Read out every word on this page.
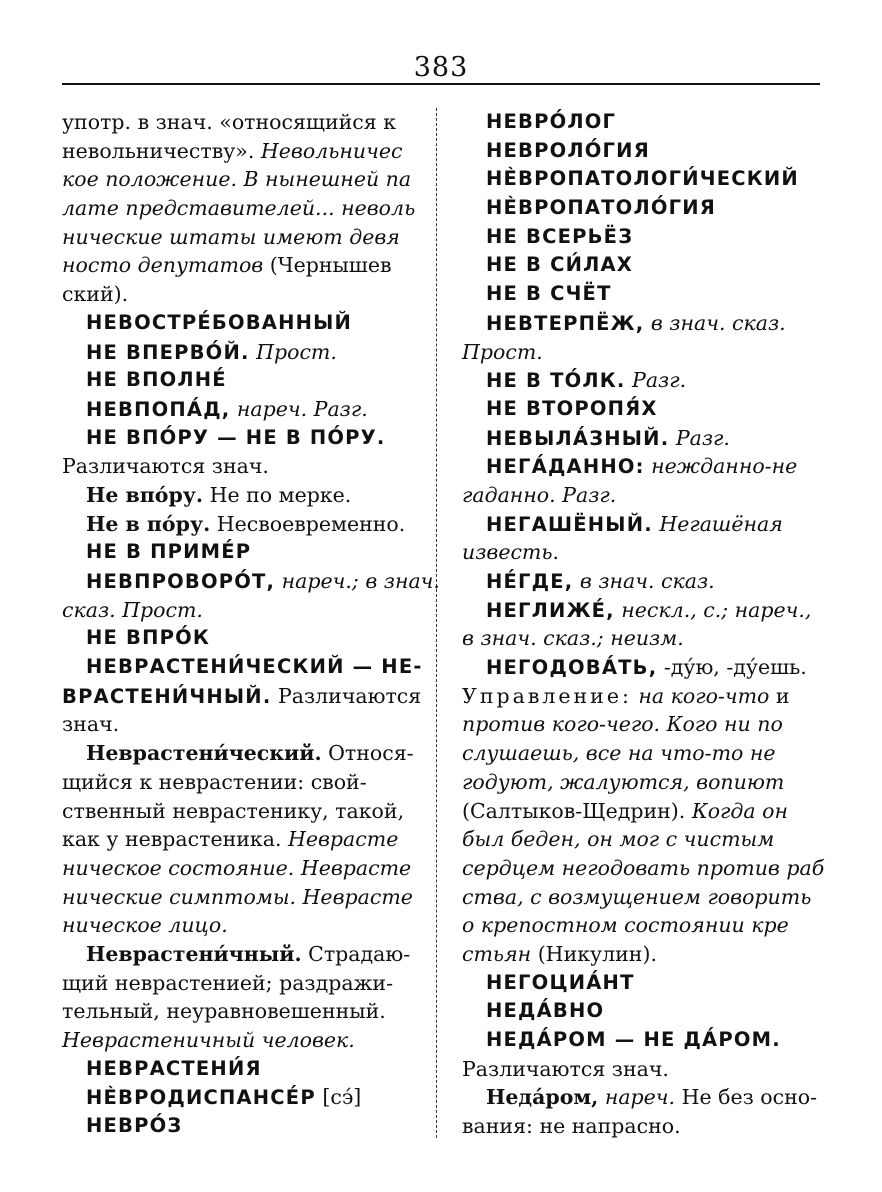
383
употр. в знач. «относящийся к
невольничеству». Невольничес
кое положение. В нынешней па
лате представителей... неволь
нические штаты имеют девя
носто депутатов (Чернышев
ский).
НЕВОСТРЕ́БОВАННЫЙ
НЕ ВПЕРВО́Й. Прост.
НЕ ВПОЛНЕ́
НЕВПОПА́Д, нареч. Разг.
НЕ ВПО́РУ — НЕ В ПО́РУ.
Различаются знач.
Не впо́ру. Не по мерке.
Не в по́ру. Несвоевременно.
НЕ В ПРИМЕ́Р
НЕВПРОВОРО́Т, нареч.; в знач.
сказ. Прост.
НЕ ВПРО́К
НЕВРАСТЕНИ́ЧЕСКИЙ — НЕ-
ВРАСТЕНИ́ЧНЫЙ. Различаются
знач.
Неврастени́ческий. Относя-
щийся к неврастении: свой-
ственный неврастенику, такой,
как у неврастеника. Неврасте
ническое состояние. Неврасте
нические симптомы. Неврасте
ническое лицо.
Неврастени́чный. Страдаю-
щий неврастенией; раздражи-
тельный, неуравновешенный.
Неврастеничный человек.
НЕВРАСТЕНИ́Я
НЀВРОДИСПАНСЕ́Р [сэ́]
НЕВРО́З
НЕВРО́ЛОГ
НЕВРОЛО́ГИЯ
НЀВРОПАТОЛОГИ́ЧЕСКИЙ
НЀВРОПАТОЛО́ГИЯ
НЕ ВСЕРЬЁЗ
НЕ В СИ́ЛАХ
НЕ В СЧЁТ
НЕВТЕРПЁЖ, в знач. сказ.
Прост.
НЕ В ТО́ЛК. Разг.
НЕ ВТОРОПЯ́Х
НЕВЫЛА́ЗНЫЙ. Разг.
НЕГА́ДАННО: нежданно-не
гаданно. Разг.
НЕГАШЁНЫЙ. Негашёная
известь.
НЕ́ГДЕ, в знач. сказ.
НЕГЛИЖЕ́, нескл., с.; нареч.,
в знач. сказ.; неизм.
НЕГОДОВА́ТЬ, -ду́ю, -ду́ешь.
Управление: на кого-что и
против кого-чего. Кого ни по
слушаешь, все на что-то не
годуют, жалуются, вопиют
(Салтыков-Щедрин). Когда он
был беден, он мог с чистым
сердцем негодовать против раб
ства, с возмущением говорить
о крепостном состоянии кре
стьян (Никулин).
НЕГОЦИА́НТ
НЕДА́ВНО
НЕДА́РОМ — НЕ ДА́РОМ.
Различаются знач.
Неда́ром, нареч. Не без осно-
вания: не напрасно.
